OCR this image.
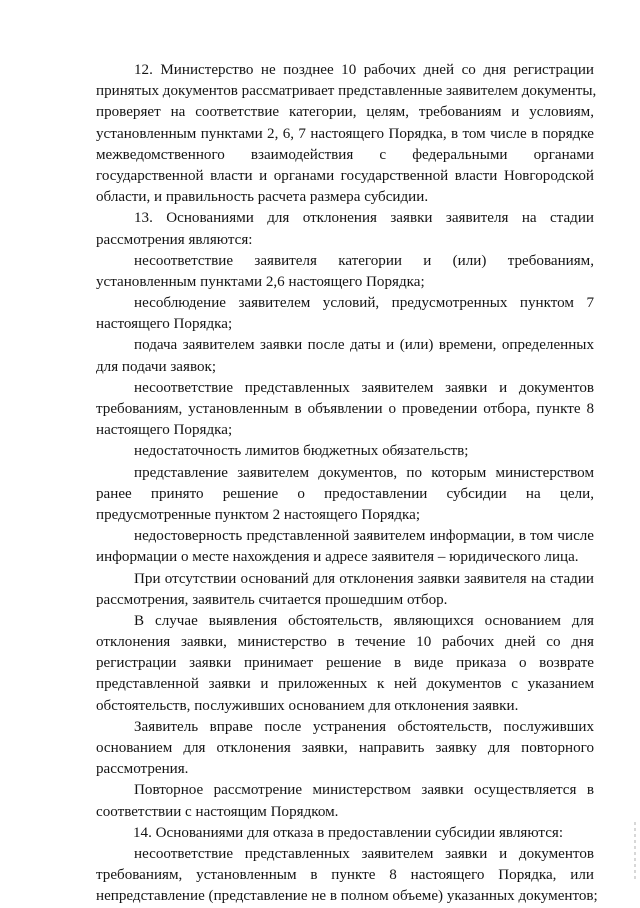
12. Министерство не позднее 10 рабочих дней со дня регистрации
принятых документов рассматривает представленные заявителем документы,
проверяет на соответствие категории, целям, требованиям и условиям,
установленным пунктами 2, 6, 7 настоящего Порядка, в том числе в порядке
межведомственного взаимодействия с федеральными органами
государственной власти и органами государственной власти Новгородской
области, и правильность расчета размера субсидии.
13. Основаниями для отклонения заявки заявителя на стадии
рассмотрения являются:
несоответствие заявителя категории и (или) требованиям,
установленным пунктами 2,6 настоящего Порядка;
несоблюдение заявителем условий, предусмотренных пунктом 7
настоящего Порядка;
подача заявителем заявки после даты и (или) времени, определенных
для подачи заявок;
несоответствие представленных заявителем заявки и документов
требованиям, установленным в объявлении о проведении отбора, пункте 8
настоящего Порядка;
недостаточность лимитов бюджетных обязательств;
представление заявителем документов, по которым министерством
ранее принято решение о предоставлении субсидии на цели,
предусмотренные пунктом 2 настоящего Порядка;
недостоверность представленной заявителем информации, в том числе
информации о месте нахождения и адресе заявителя – юридического лица.
При отсутствии оснований для отклонения заявки заявителя на стадии
рассмотрения, заявитель считается прошедшим отбор.
В случае выявления обстоятельств, являющихся основанием для
отклонения заявки, министерство в течение 10 рабочих дней со дня
регистрации заявки принимает решение в виде приказа о возврате
представленной заявки и приложенных к ней документов с указанием
обстоятельств, послуживших основанием для отклонения заявки.
Заявитель вправе после устранения обстоятельств, послуживших
основанием для отклонения заявки, направить заявку для повторного
рассмотрения.
Повторное рассмотрение министерством заявки осуществляется в
соответствии с настоящим Порядком.
14. Основаниями для отказа в предоставлении субсидии являются:
несоответствие представленных заявителем заявки и документов
требованиям, установленным в пункте 8 настоящего Порядка, или
непредставление (представление не в полном объеме) указанных документов;
